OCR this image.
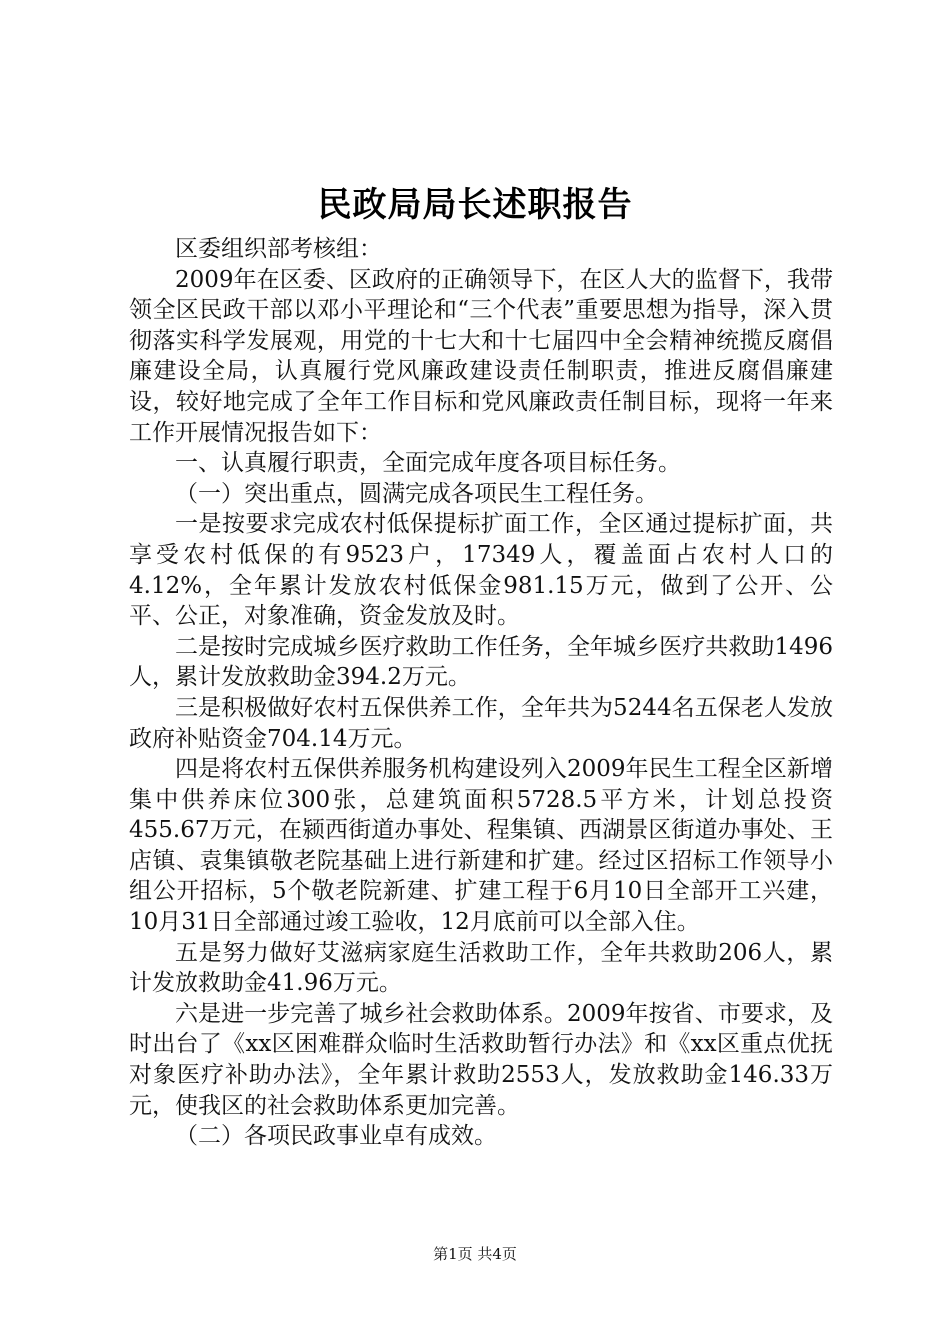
民政局局长述职报告

区委组织部考核组：

2009年在区委、区政府的正确领导下，在区人大的监督下，我带领全区民政干部以邓小平理论和“三个代表”重要思想为指导，深入贯彻落实科学发展观，用党的十七大和十七届四中全会精神统揽反腐倡廉建设全局，认真履行党风廉政建设责任制职责，推进反腐倡廉建设，较好地完成了全年工作目标和党风廉政责任制目标，现将一年来工作开展情况报告如下：

一、认真履行职责，全面完成年度各项目标任务。

（一）突出重点，圆满完成各项民生工程任务。

一是按要求完成农村低保提标扩面工作，全区通过提标扩面，共享受农村低保的有9523户，17349人，覆盖面占农村人口的4.12%，全年累计发放农村低保金981.15万元，做到了公开、公平、公正，对象准确，资金发放及时。

二是按时完成城乡医疗救助工作任务，全年城乡医疗共救助1496人，累计发放救助金394.2万元。

三是积极做好农村五保供养工作，全年共为5244名五保老人发放政府补贴资金704.14万元。

四是将农村五保供养服务机构建设列入2009年民生工程全区新增集中供养床位300张，总建筑面积5728.5平方米，计划总投资455.67万元，在颍西街道办事处、程集镇、西湖景区街道办事处、王店镇、袁集镇敬老院基础上进行新建和扩建。经过区招标工作领导小组公开招标，5个敬老院新建、扩建工程于6月10日全部开工兴建，10月31日全部通过竣工验收，12月底前可以全部入住。

五是努力做好艾滋病家庭生活救助工作，全年共救助206人，累计发放救助金41.96万元。

六是进一步完善了城乡社会救助体系。2009年按省、市要求，及时出台了《xx区困难群众临时生活救助暂行办法》和《xx区重点优抚对象医疗补助办法》，全年累计救助2553人，发放救助金146.33万元，使我区的社会救助体系更加完善。

（二）各项民政事业卓有成效。

第1页 共4页
